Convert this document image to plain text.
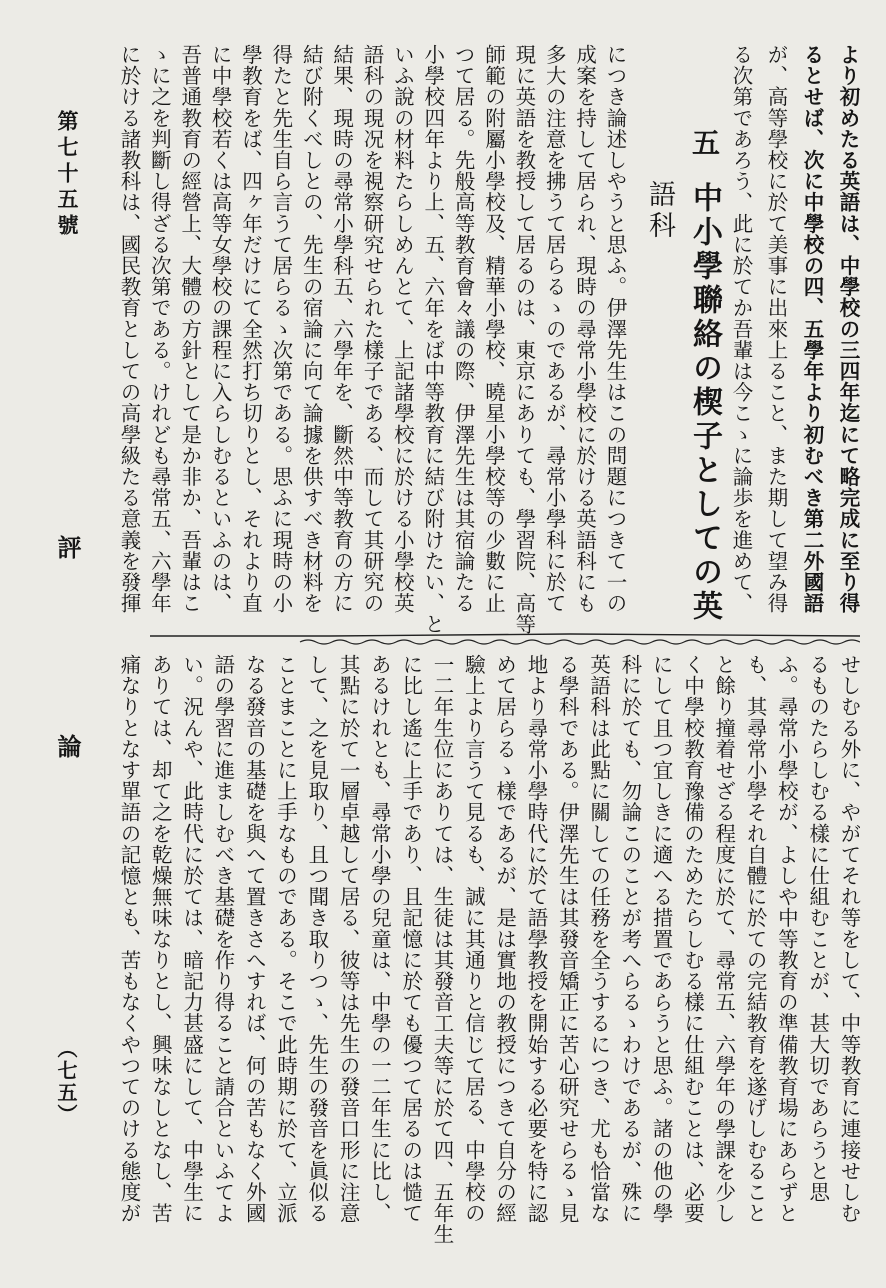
第七十五號
評
論
（七五）
より初めたる英語は、中學校の三四年迄にて略完成に至り得
るとせば、次に中學校の四、五學年より初むべき第二外國語
が、高等學校に於て美事に出來上ること、また期して望み得
る次第であろう、此に於てか吾輩は今こゝに論歩を進めて、
につき論述しやうと思ふ。伊澤先生はこの問題につきて一の
成案を持して居られ、現時の尋常小學校に於ける英語科にも
多大の注意を拂うて居らるゝのであるが、尋常小學科に於て
現に英語を教授して居るのは、東京にありても、學習院、高等
師範の附屬小學校及、精華小學校、曉星小學校等の少數に止
つて居る。先般高等教育會々議の際、伊澤先生は其宿論たる
小學校四年より上、五、六年をば中等教育に結び附けたい、と
いふ說の材料たらしめんとて、上記諸學校に於ける小學校英
語科の現况を視察研究せられた樣子である、而して其研究の
結果、現時の尋常小學科五、六學年を、斷然中等教育の方に
結び附くべしとの、先生の宿論に向て論據を供すべき材料を
得たと先生自ら言うて居らるゝ次第である。思ふに現時の小
學教育をば、四ヶ年だけにて全然打ち切りとし、それより直
に中學校若くは高等女學校の課程に入らしむるといふのは、
吾普通教育の經營上、大體の方針として是か非か、吾輩はこ
ゝに之を判斷し得ざる次第である。けれども尋常五、六學年
に於ける諸教科は、國民教育としての高學級たる意義を發揮	五
中小學聯絡の楔子としての英
語科
せしむる外に、やがてそれ等をして、中等教育に連接せしむ
るものたらしむる樣に仕組むことが、甚大切であらうと思
ふ。尋常小學校が、よしや中等教育の準備教育場にあらずと
も、其尋常小學それ自體に於ての完結教育を遂げしむること
と餘り撞着せざる程度に於て、尋常五、六學年の學課を少し
く中學校教育豫備のためたらしむる樣に仕組むことは、必要
にして且つ宜しきに適へる措置であらうと思ふ。諸の他の學
科に於ても、勿論このことが考へらるゝわけであるが、殊に
英語科は此點に關しての任務を全うするにつき、尤も恰當な
る學科である。伊澤先生は其發音矯正に苦心研究せらるゝ見
地より尋常小學時代に於て語學教授を開始する必要を特に認
めて居らるゝ樣であるが、是は實地の教授につきて自分の經
驗上より言うて見るも、誠に其通りと信じて居る、中學校の
一二年生位にありては、生徒は其發音工夫等に於て四、五年生
に比し遙に上手であり、且記憶に於ても優つて居るのは慥て
あるけれとも、尋常小學の兒童は、中學の一二年生に比し、
其點に於て一層卓越して居る、彼等は先生の發音口形に注意
して、之を見取り、且つ聞き取りつゝ、先生の發音を眞似る
ことまことに上手なものである。そこで此時期に於て、立派
なる發音の基礎を與へて置きさへすれば、何の苦もなく外國
語の學習に進ましむべき基礎を作り得ること請合といふてよ
い。況んや、此時代に於ては、暗記力甚盛にして、中學生に
ありては、却て之を乾燥無味なりとし、興味なしとなし、苦
痛なりとなす單語の記憶とも、苦もなくやつてのける態度が
